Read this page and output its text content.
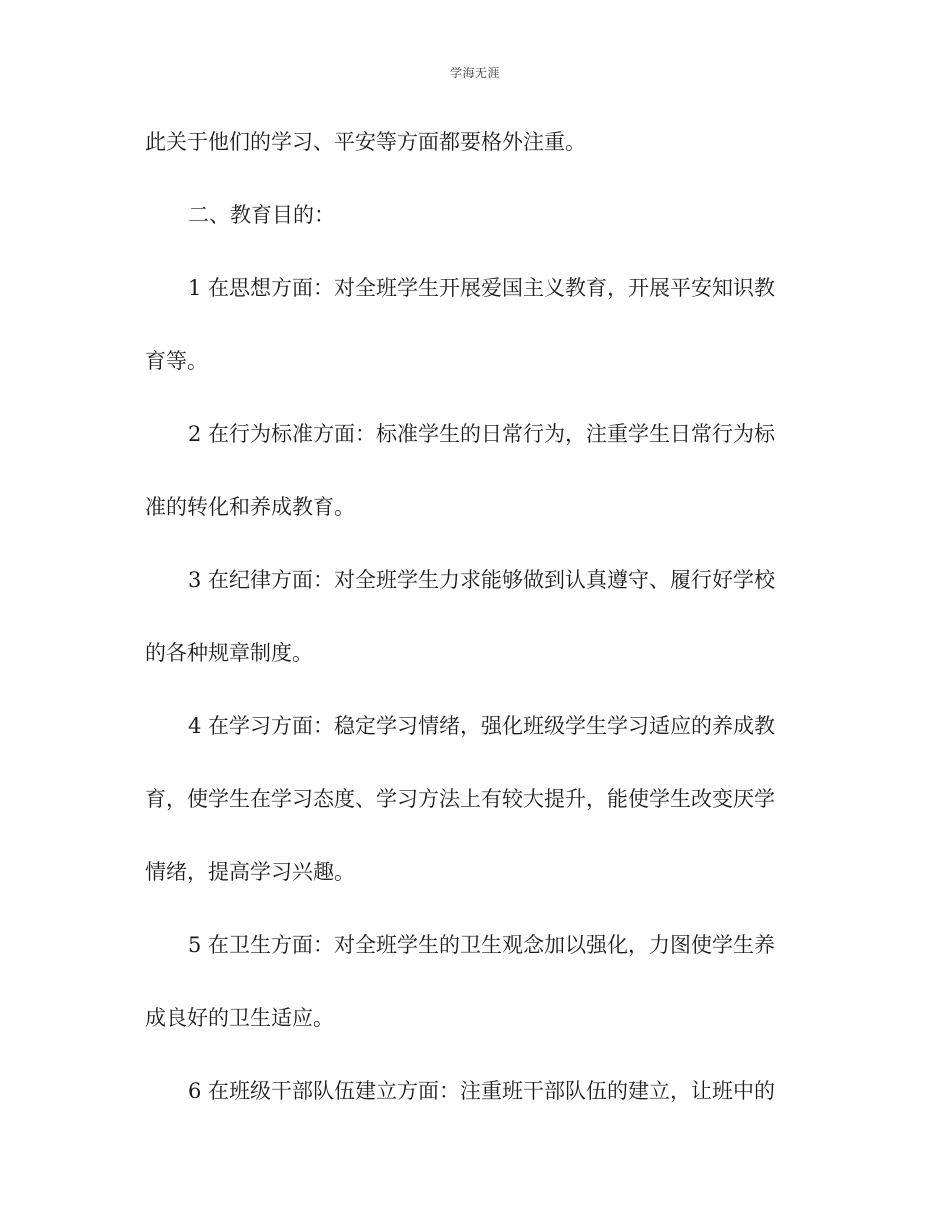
学海无涯
此关于他们的学习、平安等方面都要格外注重。
二、教育目的：
1 在思想方面：对全班学生开展爱国主义教育，开展平安知识教
育等。
2 在行为标准方面：标准学生的日常行为，注重学生日常行为标
准的转化和养成教育。
3 在纪律方面：对全班学生力求能够做到认真遵守、履行好学校
的各种规章制度。
4 在学习方面：稳定学习情绪，强化班级学生学习适应的养成教
育，使学生在学习态度、学习方法上有较大提升，能使学生改变厌学
情绪，提高学习兴趣。
5 在卫生方面：对全班学生的卫生观念加以强化，力图使学生养
成良好的卫生适应。
6 在班级干部队伍建立方面：注重班干部队伍的建立，让班中的
